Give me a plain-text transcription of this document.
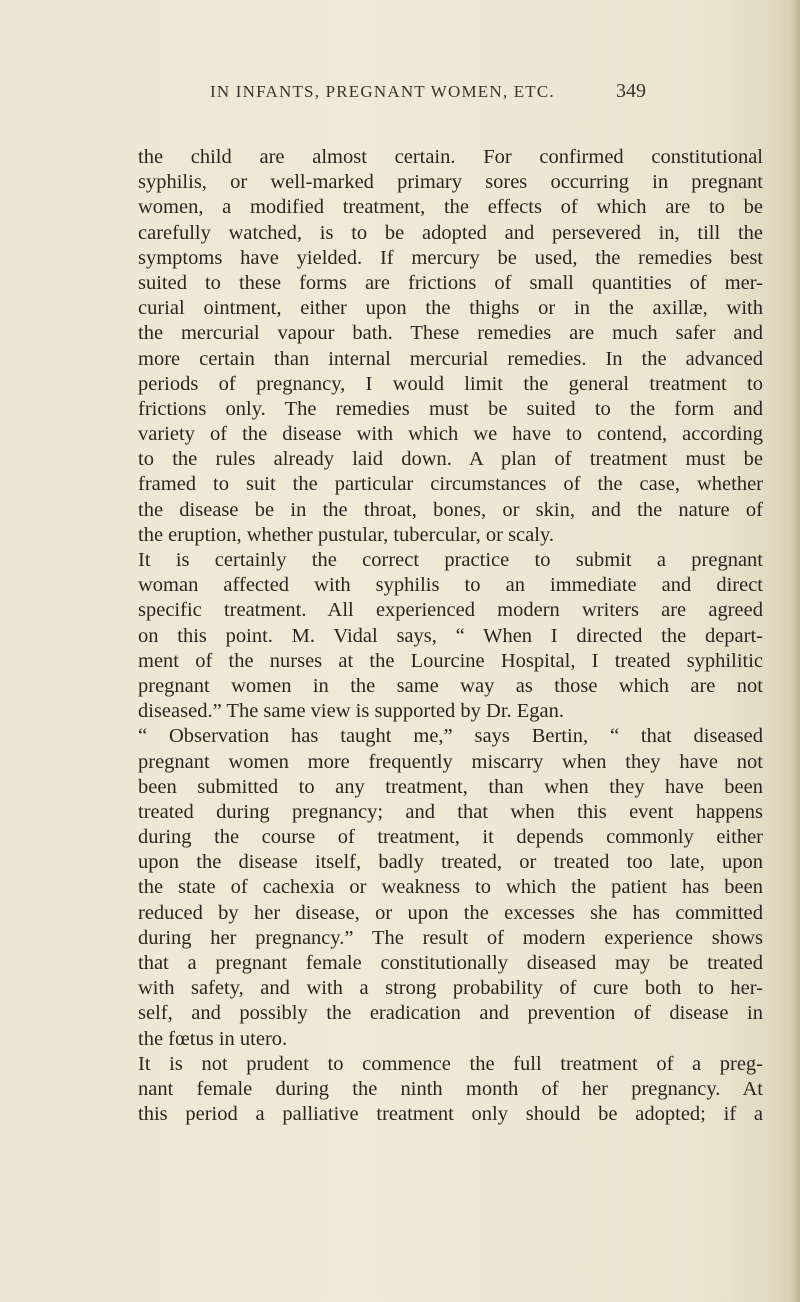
IN INFANTS, PREGNANT WOMEN, ETC.	349
the child are almost certain. For confirmed constitutional
syphilis, or well-marked primary sores occurring in pregnant
women, a modified treatment, the effects of which are to be
carefully watched, is to be adopted and persevered in, till the
symptoms have yielded. If mercury be used, the remedies best
suited to these forms are frictions of small quantities of mer-
curial ointment, either upon the thighs or in the axillæ, with
the mercurial vapour bath. These remedies are much safer and
more certain than internal mercurial remedies. In the advanced
periods of pregnancy, I would limit the general treatment to
frictions only. The remedies must be suited to the form and
variety of the disease with which we have to contend, according
to the rules already laid down. A plan of treatment must be
framed to suit the particular circumstances of the case, whether
the disease be in the throat, bones, or skin, and the nature of
the eruption, whether pustular, tubercular, or scaly.
It is certainly the correct practice to submit a pregnant
woman affected with syphilis to an immediate and direct
specific treatment. All experienced modern writers are agreed
on this point. M. Vidal says, “ When I directed the depart-
ment of the nurses at the Lourcine Hospital, I treated syphilitic
pregnant women in the same way as those which are not
diseased.” The same view is supported by Dr. Egan.
“ Observation has taught me,” says Bertin, “ that diseased
pregnant women more frequently miscarry when they have not
been submitted to any treatment, than when they have been
treated during pregnancy; and that when this event happens
during the course of treatment, it depends commonly either
upon the disease itself, badly treated, or treated too late, upon
the state of cachexia or weakness to which the patient has been
reduced by her disease, or upon the excesses she has committed
during her pregnancy.” The result of modern experience shows
that a pregnant female constitutionally diseased may be treated
with safety, and with a strong probability of cure both to her-
self, and possibly the eradication and prevention of disease in
the fœtus in utero.
It is not prudent to commence the full treatment of a preg-
nant female during the ninth month of her pregnancy. At
this period a palliative treatment only should be adopted; if a
